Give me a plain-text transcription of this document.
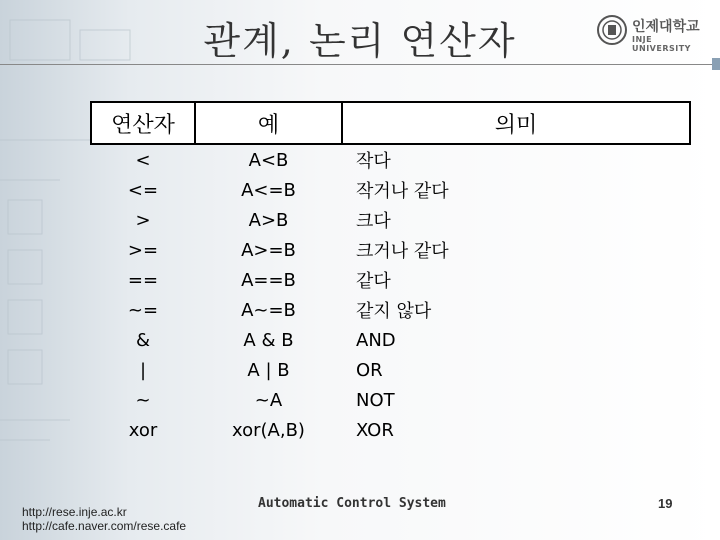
관계, 논리 연산자	인제대학교
INJE UNIVERSITY
연산자	예	의미
<	A<B	작다
<=	A<=B	작거나 같다
>	A>B	크다
>=	A>=B	크거나 같다
==	A==B	같다
~=	A~=B	같지 않다
&	A & B	AND
|	A | B	OR
~	~A	NOT
xor	xor(A,B)	XOR
http://rese.inje.ac.kr
http://cafe.naver.com/rese.cafe
Automatic Control System	19
